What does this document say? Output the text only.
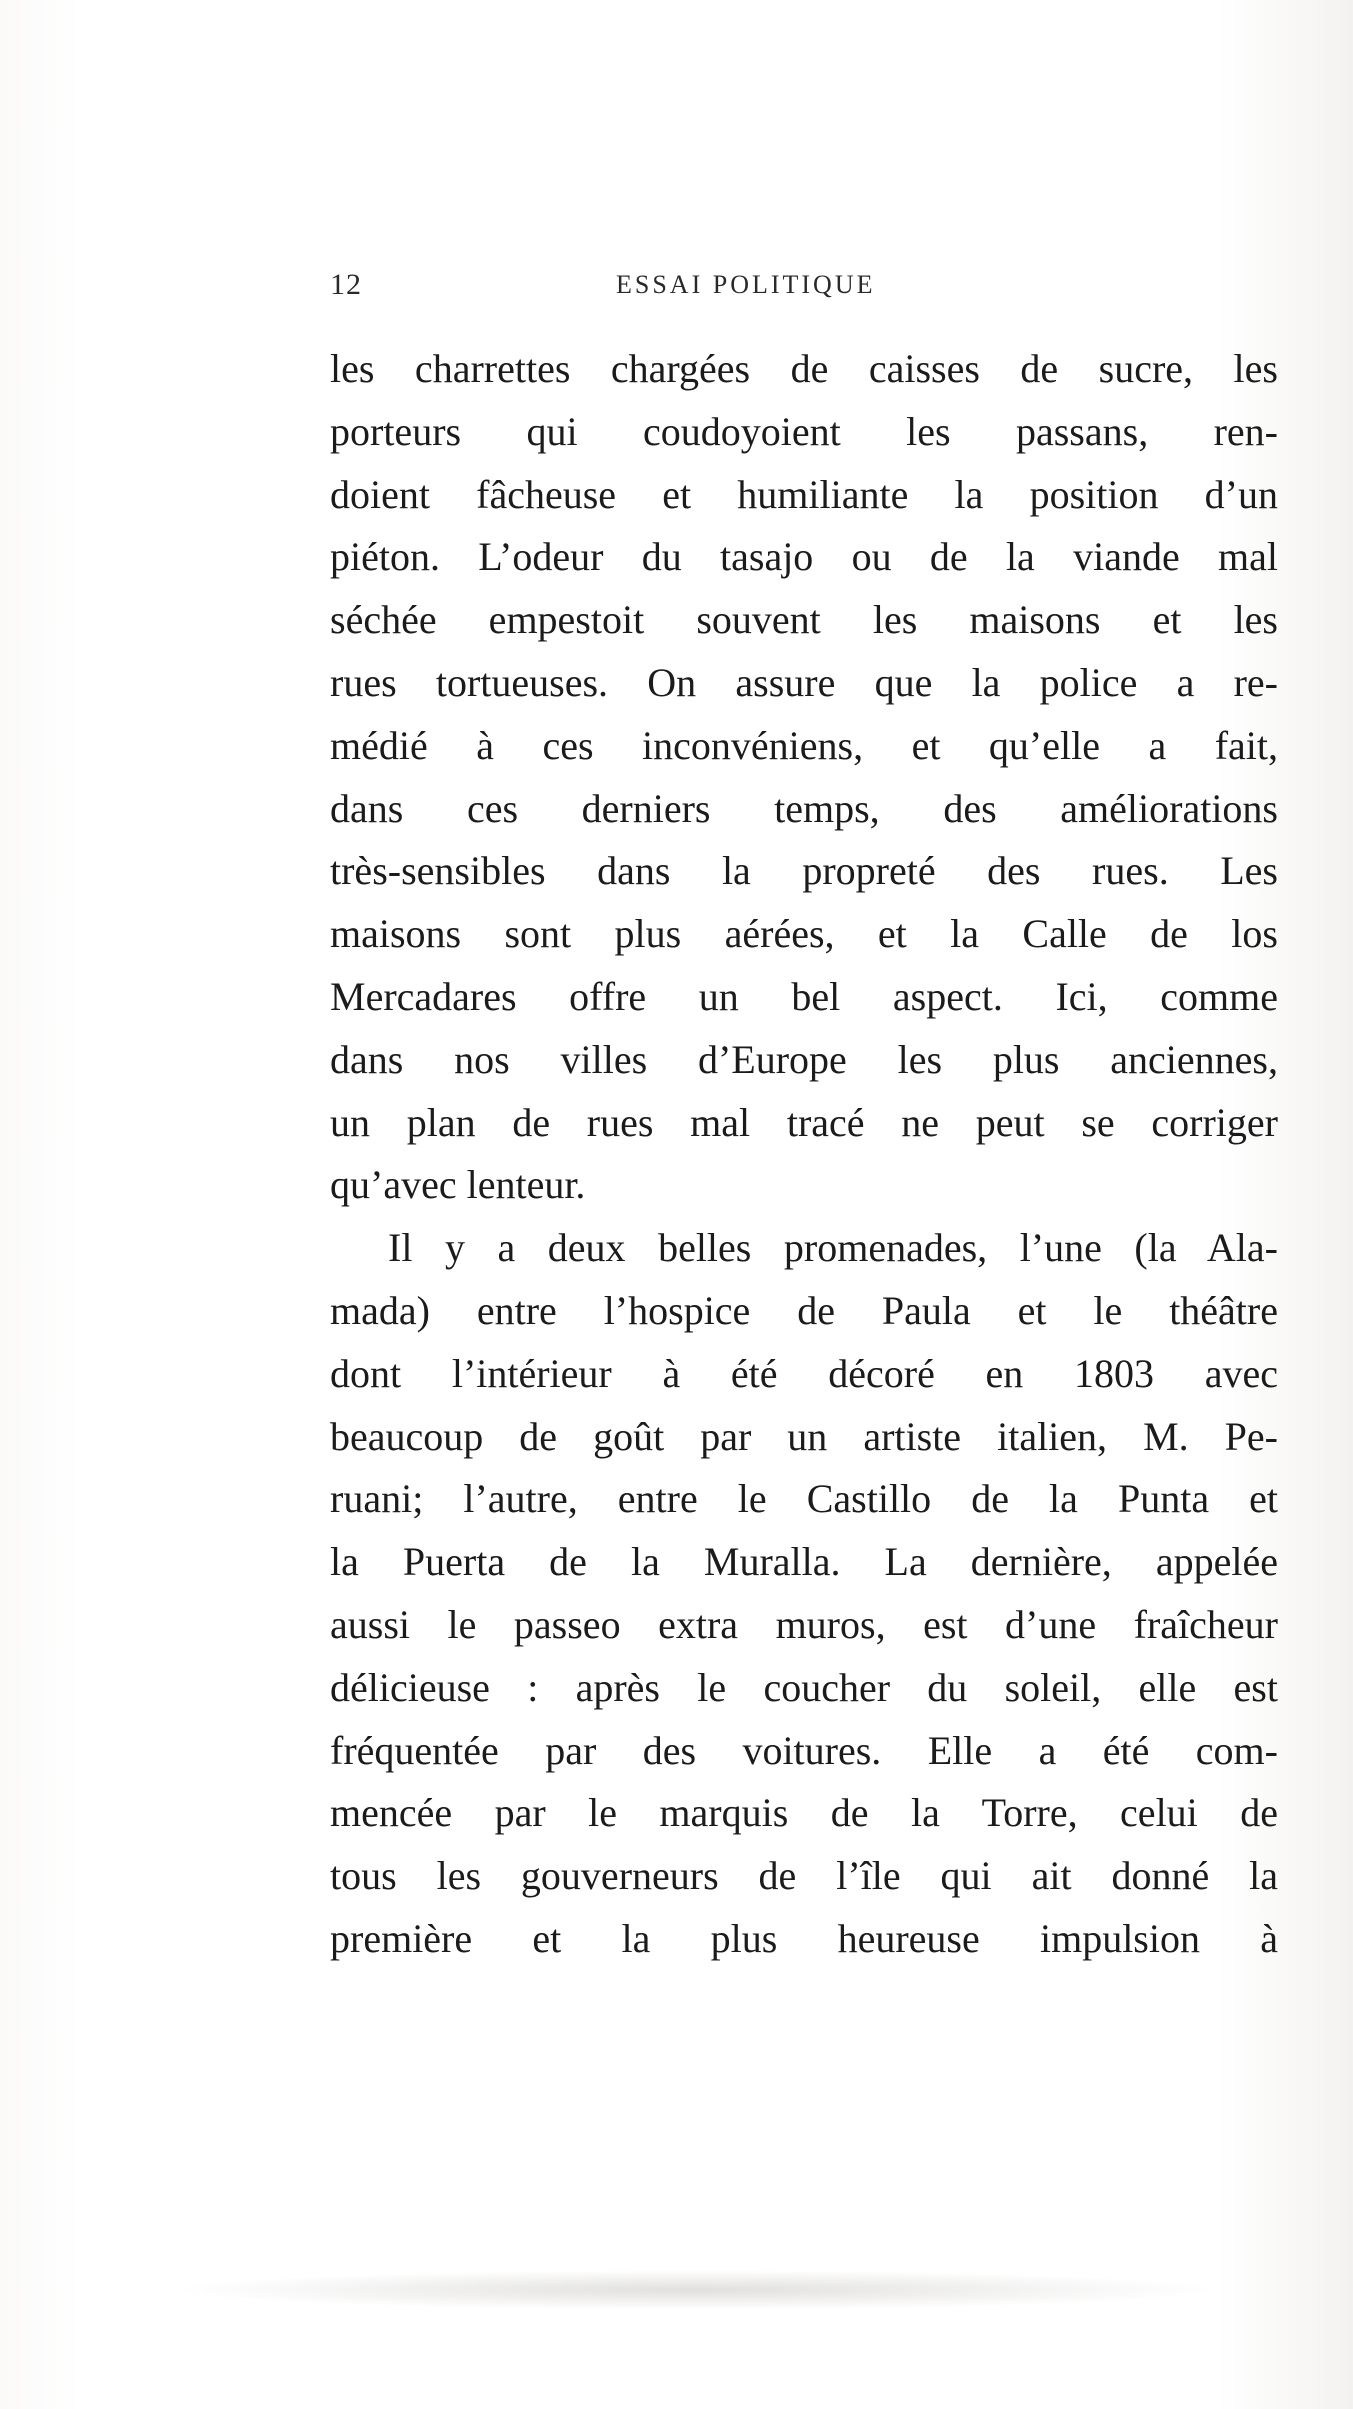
12	ESSAI POLITIQUE
les charrettes chargées de caisses de sucre, les
porteurs qui coudoyoient les passans, ren-
doient fâcheuse et humiliante la position d’un
piéton. L’odeur du tasajo ou de la viande mal
séchée empestoit souvent les maisons et les
rues tortueuses. On assure que la police a re-
médié à ces inconvéniens, et qu’elle a fait,
dans ces derniers temps, des améliorations
très-sensibles dans la propreté des rues. Les
maisons sont plus aérées, et la Calle de los
Mercadares offre un bel aspect. Ici, comme
dans nos villes d’Europe les plus anciennes,
un plan de rues mal tracé ne peut se corriger
qu’avec lenteur.
Il y a deux belles promenades, l’une (la Ala-
mada) entre l’hospice de Paula et le théâtre
dont l’intérieur à été décoré en 1803 avec
beaucoup de goût par un artiste italien, M. Pe-
ruani; l’autre, entre le Castillo de la Punta et
la Puerta de la Muralla. La dernière, appelée
aussi le passeo extra muros, est d’une fraîcheur
délicieuse : après le coucher du soleil, elle est
fréquentée par des voitures. Elle a été com-
mencée par le marquis de la Torre, celui de
tous les gouverneurs de l’île qui ait donné la
première et la plus heureuse impulsion à
